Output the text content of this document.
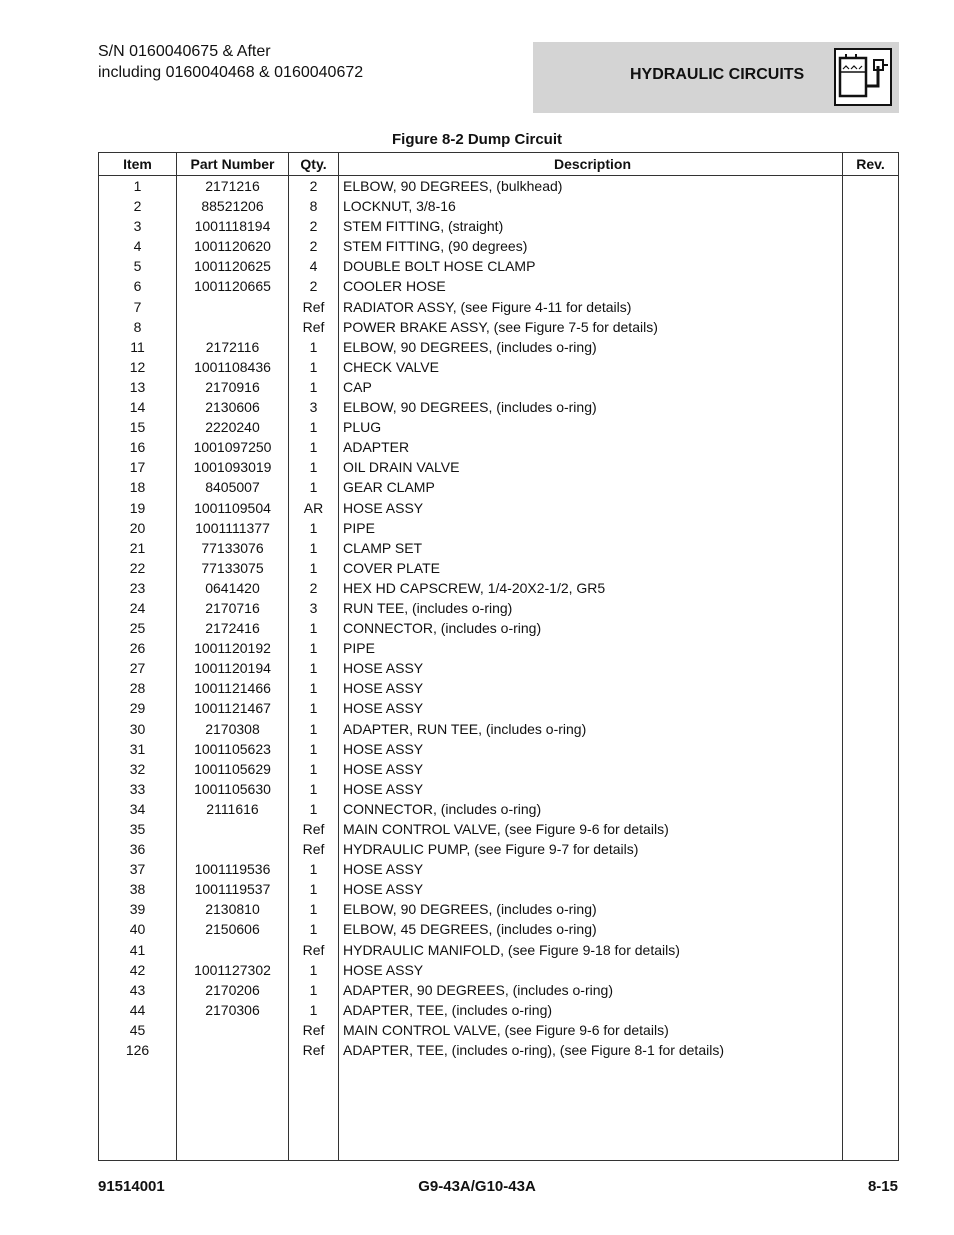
S/N 0160040675 & After
including 0160040468 & 0160040672	HYDRAULIC CIRCUITS
Figure 8-2 Dump Circuit
Item	Part Number	Qty.	Description	Rev.
1	2171216	2	ELBOW, 90 DEGREES, (bulkhead)	
2	88521206	8	LOCKNUT, 3/8-16	
3	1001118194	2	STEM FITTING, (straight)	
4	1001120620	2	STEM FITTING, (90 degrees)	
5	1001120625	4	DOUBLE BOLT HOSE CLAMP	
6	1001120665	2	COOLER HOSE	
7		Ref	RADIATOR ASSY, (see Figure 4-11 for details)	
8		Ref	POWER BRAKE ASSY, (see Figure 7-5 for details)	
11	2172116	1	ELBOW, 90 DEGREES, (includes o-ring)	
12	1001108436	1	CHECK VALVE	
13	2170916	1	CAP	
14	2130606	3	ELBOW, 90 DEGREES, (includes o-ring)	
15	2220240	1	PLUG	
16	1001097250	1	ADAPTER	
17	1001093019	1	OIL DRAIN VALVE	
18	8405007	1	GEAR CLAMP	
19	1001109504	AR	HOSE ASSY	
20	1001111377	1	PIPE	
21	77133076	1	CLAMP SET	
22	77133075	1	COVER PLATE	
23	0641420	2	HEX HD CAPSCREW, 1/4-20X2-1/2, GR5	
24	2170716	3	RUN TEE, (includes o-ring)	
25	2172416	1	CONNECTOR, (includes o-ring)	
26	1001120192	1	PIPE	
27	1001120194	1	HOSE ASSY	
28	1001121466	1	HOSE ASSY	
29	1001121467	1	HOSE ASSY	
30	2170308	1	ADAPTER, RUN TEE, (includes o-ring)	
31	1001105623	1	HOSE ASSY	
32	1001105629	1	HOSE ASSY	
33	1001105630	1	HOSE ASSY	
34	2111616	1	CONNECTOR, (includes o-ring)	
35		Ref	MAIN CONTROL VALVE, (see Figure 9-6 for details)	
36		Ref	HYDRAULIC PUMP, (see Figure 9-7 for details)	
37	1001119536	1	HOSE ASSY	
38	1001119537	1	HOSE ASSY	
39	2130810	1	ELBOW, 90 DEGREES, (includes o-ring)	
40	2150606	1	ELBOW, 45 DEGREES, (includes o-ring)	
41		Ref	HYDRAULIC MANIFOLD, (see Figure 9-18 for details)	
42	1001127302	1	HOSE ASSY	
43	2170206	1	ADAPTER, 90 DEGREES, (includes o-ring)	
44	2170306	1	ADAPTER, TEE, (includes o-ring)	
45		Ref	MAIN CONTROL VALVE, (see Figure 9-6 for details)	
126		Ref	ADAPTER, TEE, (includes o-ring), (see Figure 8-1 for details)	

91514001	G9-43A/G10-43A	8-15
